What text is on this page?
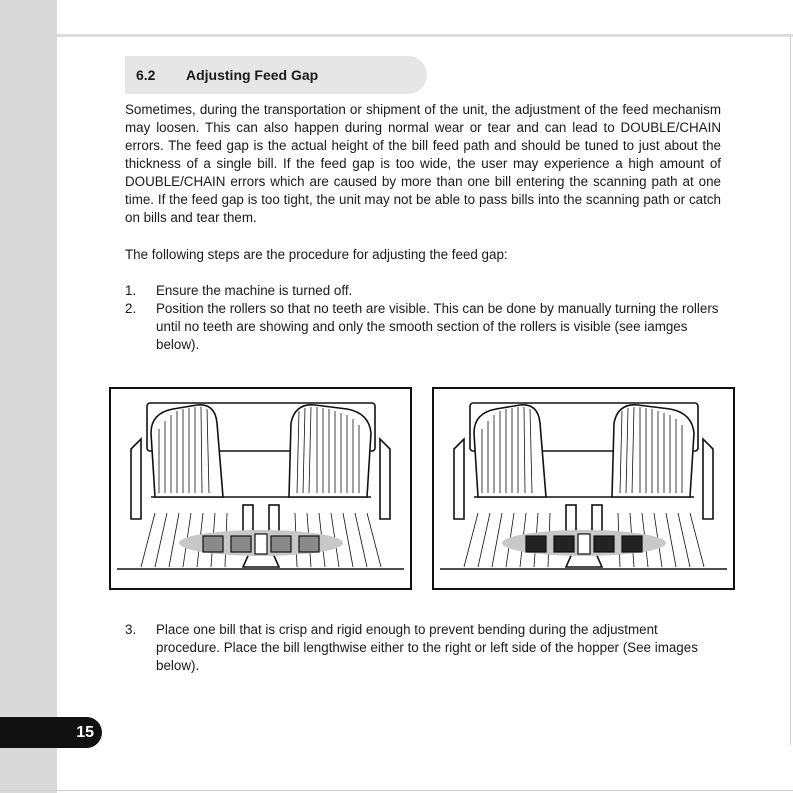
6.2	Adjusting Feed Gap

Sometimes, during the transportation or shipment of the unit, the adjustment of the feed mechanism may loosen. This can also happen during normal wear or tear and can lead to DOUBLE/CHAIN errors. The feed gap is the actual height of the bill feed path and should be tuned to just about the thickness of a single bill. If the feed gap is too wide, the user may experience a high amount of DOUBLE/CHAIN errors which are caused by more than one bill entering the scanning path at one time. If the feed gap is too tight, the unit may not be able to pass bills into the scanning path or catch on bills and tear them.

The following steps are the procedure for adjusting the feed gap:

1.	Ensure the machine is turned off.
2.	Position the rollers so that no teeth are visible. This can be done by manually turning the rollers until no teeth are showing and only the smooth section of the rollers is visible (see iamges below).
3.	Place one bill that is crisp and rigid enough to prevent bending during the adjustment procedure. Place the bill lengthwise either to the right or left side of the hopper (See images below).
15
